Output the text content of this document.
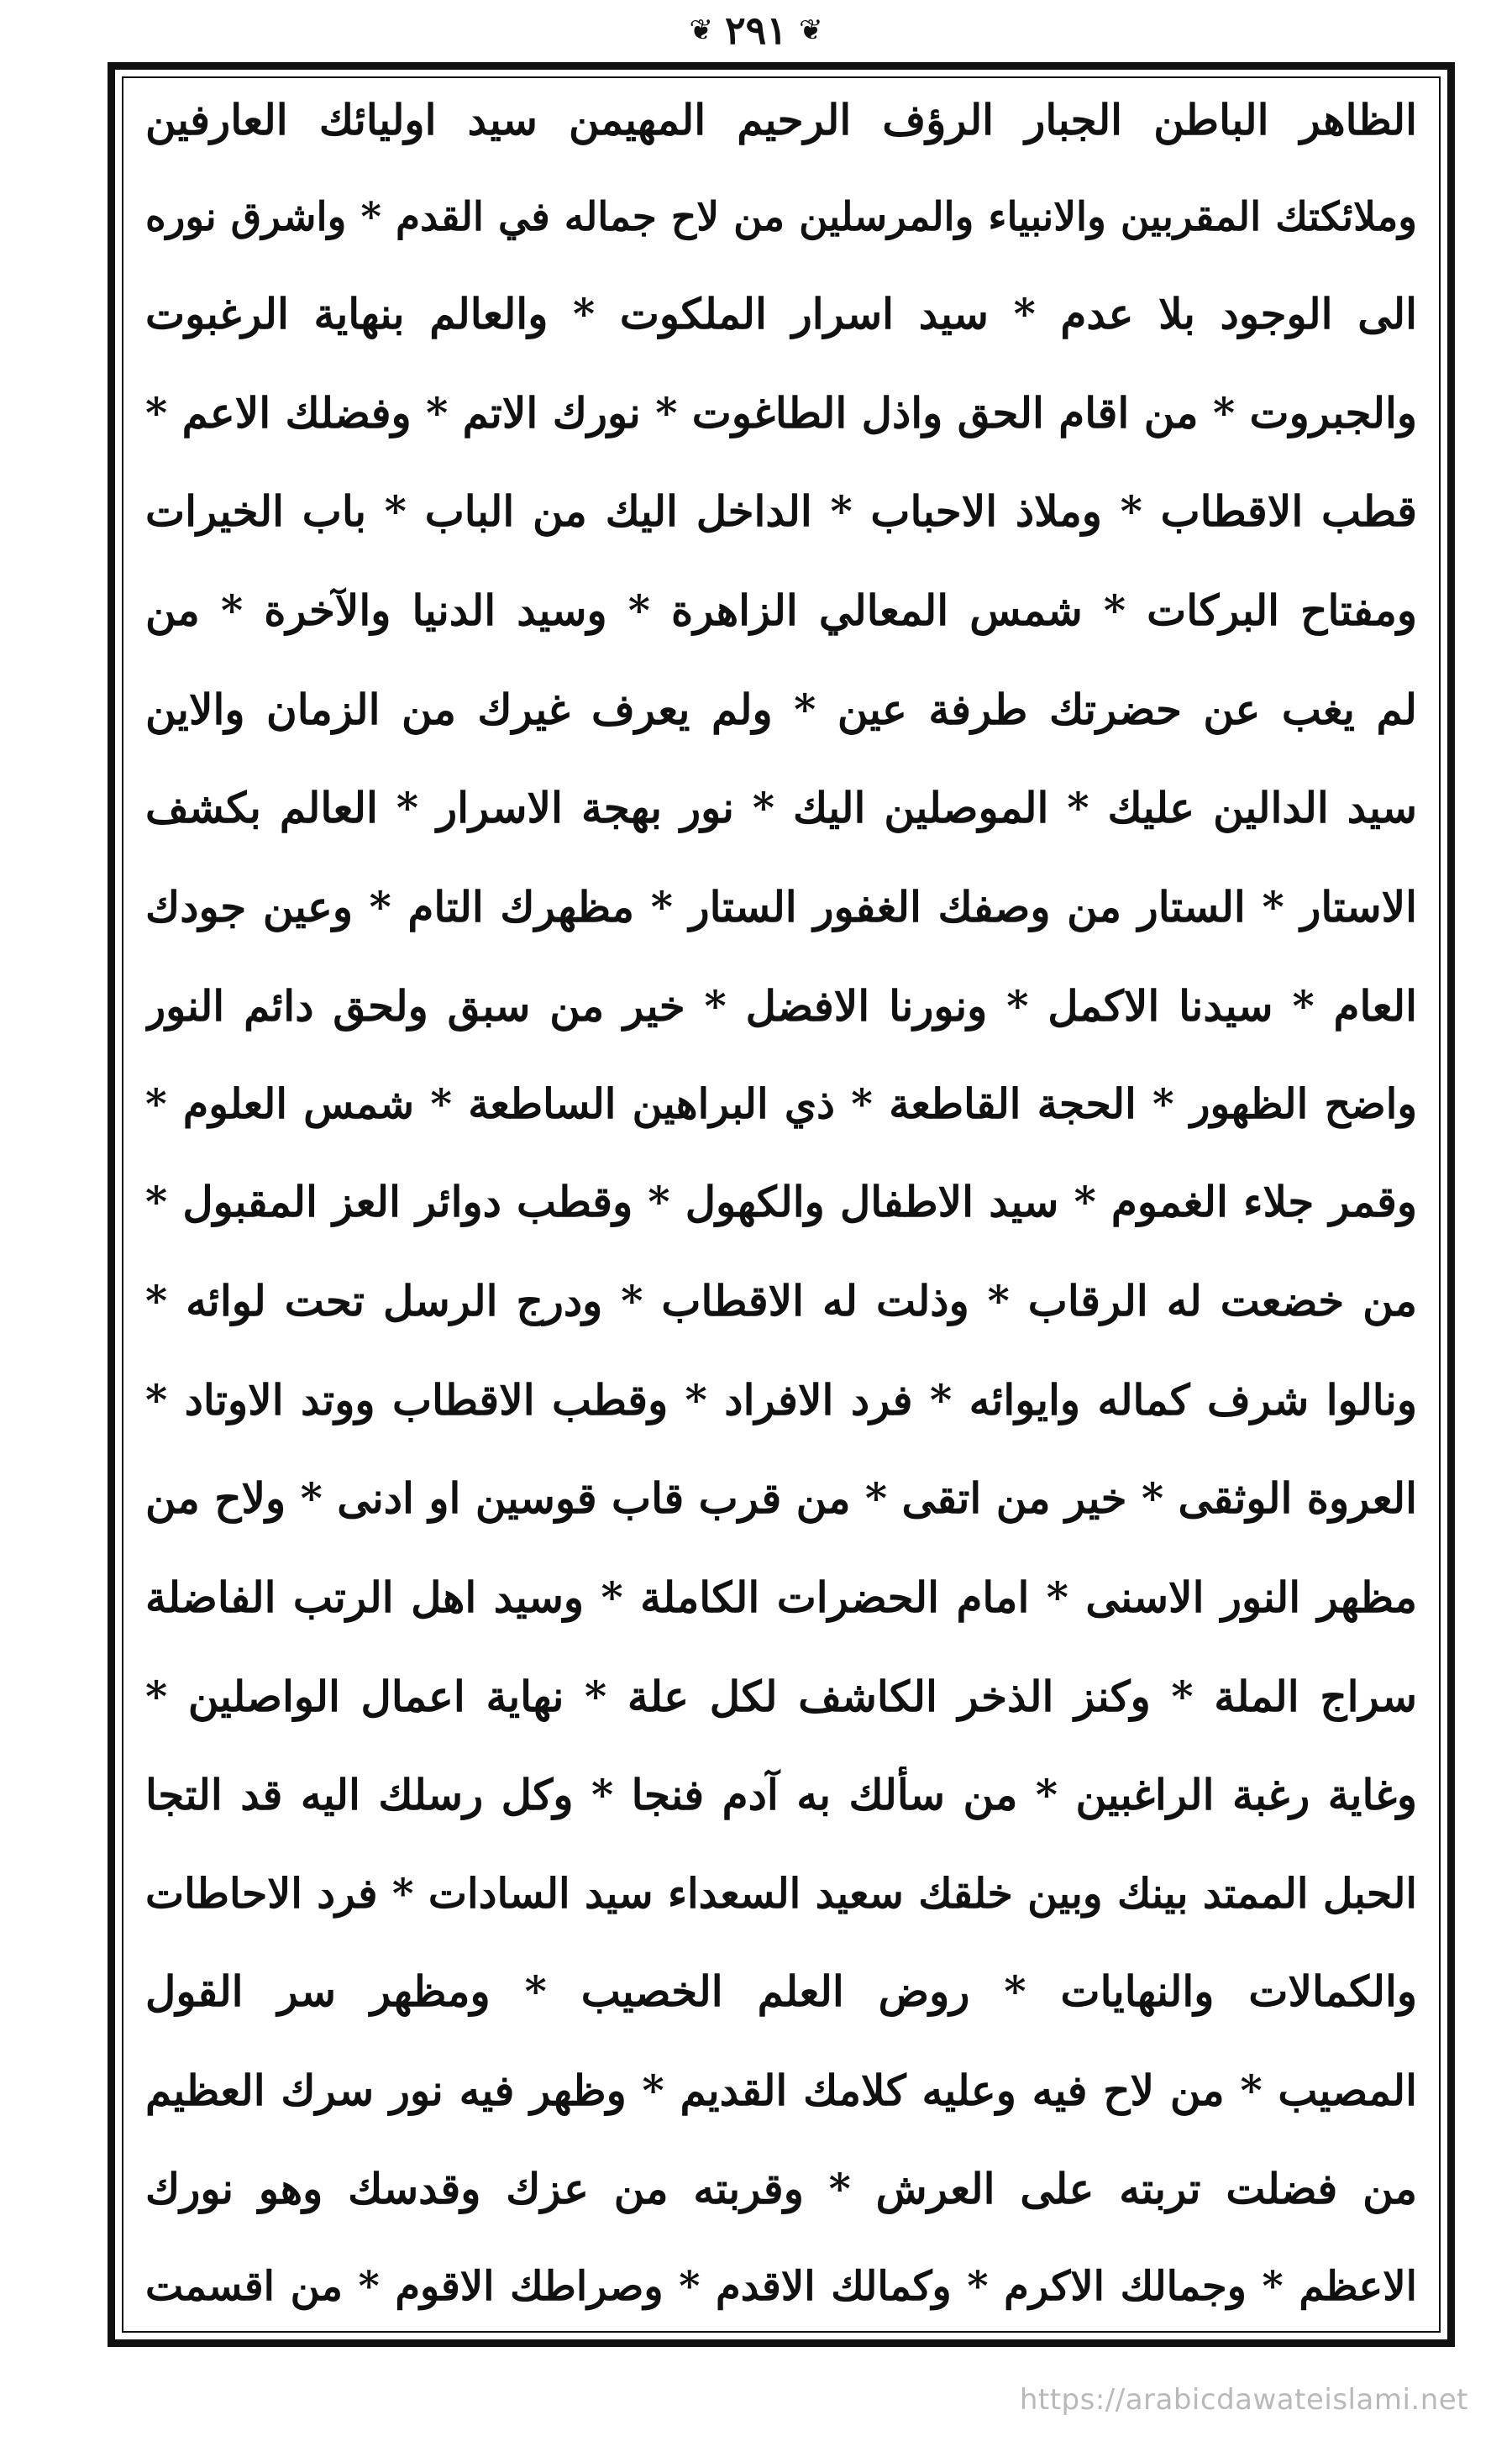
❦ ٢٩١ ❦
الظاهر الباطن الجبار الرؤف الرحيم المهيمن سيد اوليائك العارفين
وملائكتك المقربين والانبياء والمرسلين من لاح جماله في القدم * واشرق نوره
الى الوجود بلا عدم * سيد اسرار الملكوت * والعالم بنهاية الرغبوت
والجبروت * من اقام الحق واذل الطاغوت * نورك الاتم * وفضلك الاعم *
قطب الاقطاب * وملاذ الاحباب * الداخل اليك من الباب * باب الخيرات
ومفتاح البركات * شمس المعالي الزاهرة * وسيد الدنيا والآخرة * من
لم يغب عن حضرتك طرفة عين * ولم يعرف غيرك من الزمان والاين
سيد الدالين عليك * الموصلين اليك * نور بهجة الاسرار * العالم بكشف
الاستار * الستار من وصفك الغفور الستار * مظهرك التام * وعين جودك
العام * سيدنا الاكمل * ونورنا الافضل * خير من سبق ولحق دائم النور
واضح الظهور * الحجة القاطعة * ذي البراهين الساطعة * شمس العلوم *
وقمر جلاء الغموم * سيد الاطفال والكهول * وقطب دوائر العز المقبول *
من خضعت له الرقاب * وذلت له الاقطاب * ودرج الرسل تحت لوائه *
ونالوا شرف كماله وايوائه * فرد الافراد * وقطب الاقطاب ووتد الاوتاد *
العروة الوثقى * خير من اتقى * من قرب قاب قوسين او ادنى * ولاح من
مظهر النور الاسنى * امام الحضرات الكاملة * وسيد اهل الرتب الفاضلة
سراج الملة * وكنز الذخر الكاشف لكل علة * نهاية اعمال الواصلين *
وغاية رغبة الراغبين * من سألك به آدم فنجا * وكل رسلك اليه قد التجا
الحبل الممتد بينك وبين خلقك سعيد السعداء سيد السادات * فرد الاحاطات
والكمالات والنهايات * روض العلم الخصيب * ومظهر سر القول
المصيب * من لاح فيه وعليه كلامك القديم * وظهر فيه نور سرك العظيم
من فضلت تربته على العرش * وقربته من عزك وقدسك وهو نورك
الاعظم * وجمالك الاكرم * وكمالك الاقدم * وصراطك الاقوم * من اقسمت
https://arabicdawateislami.net
